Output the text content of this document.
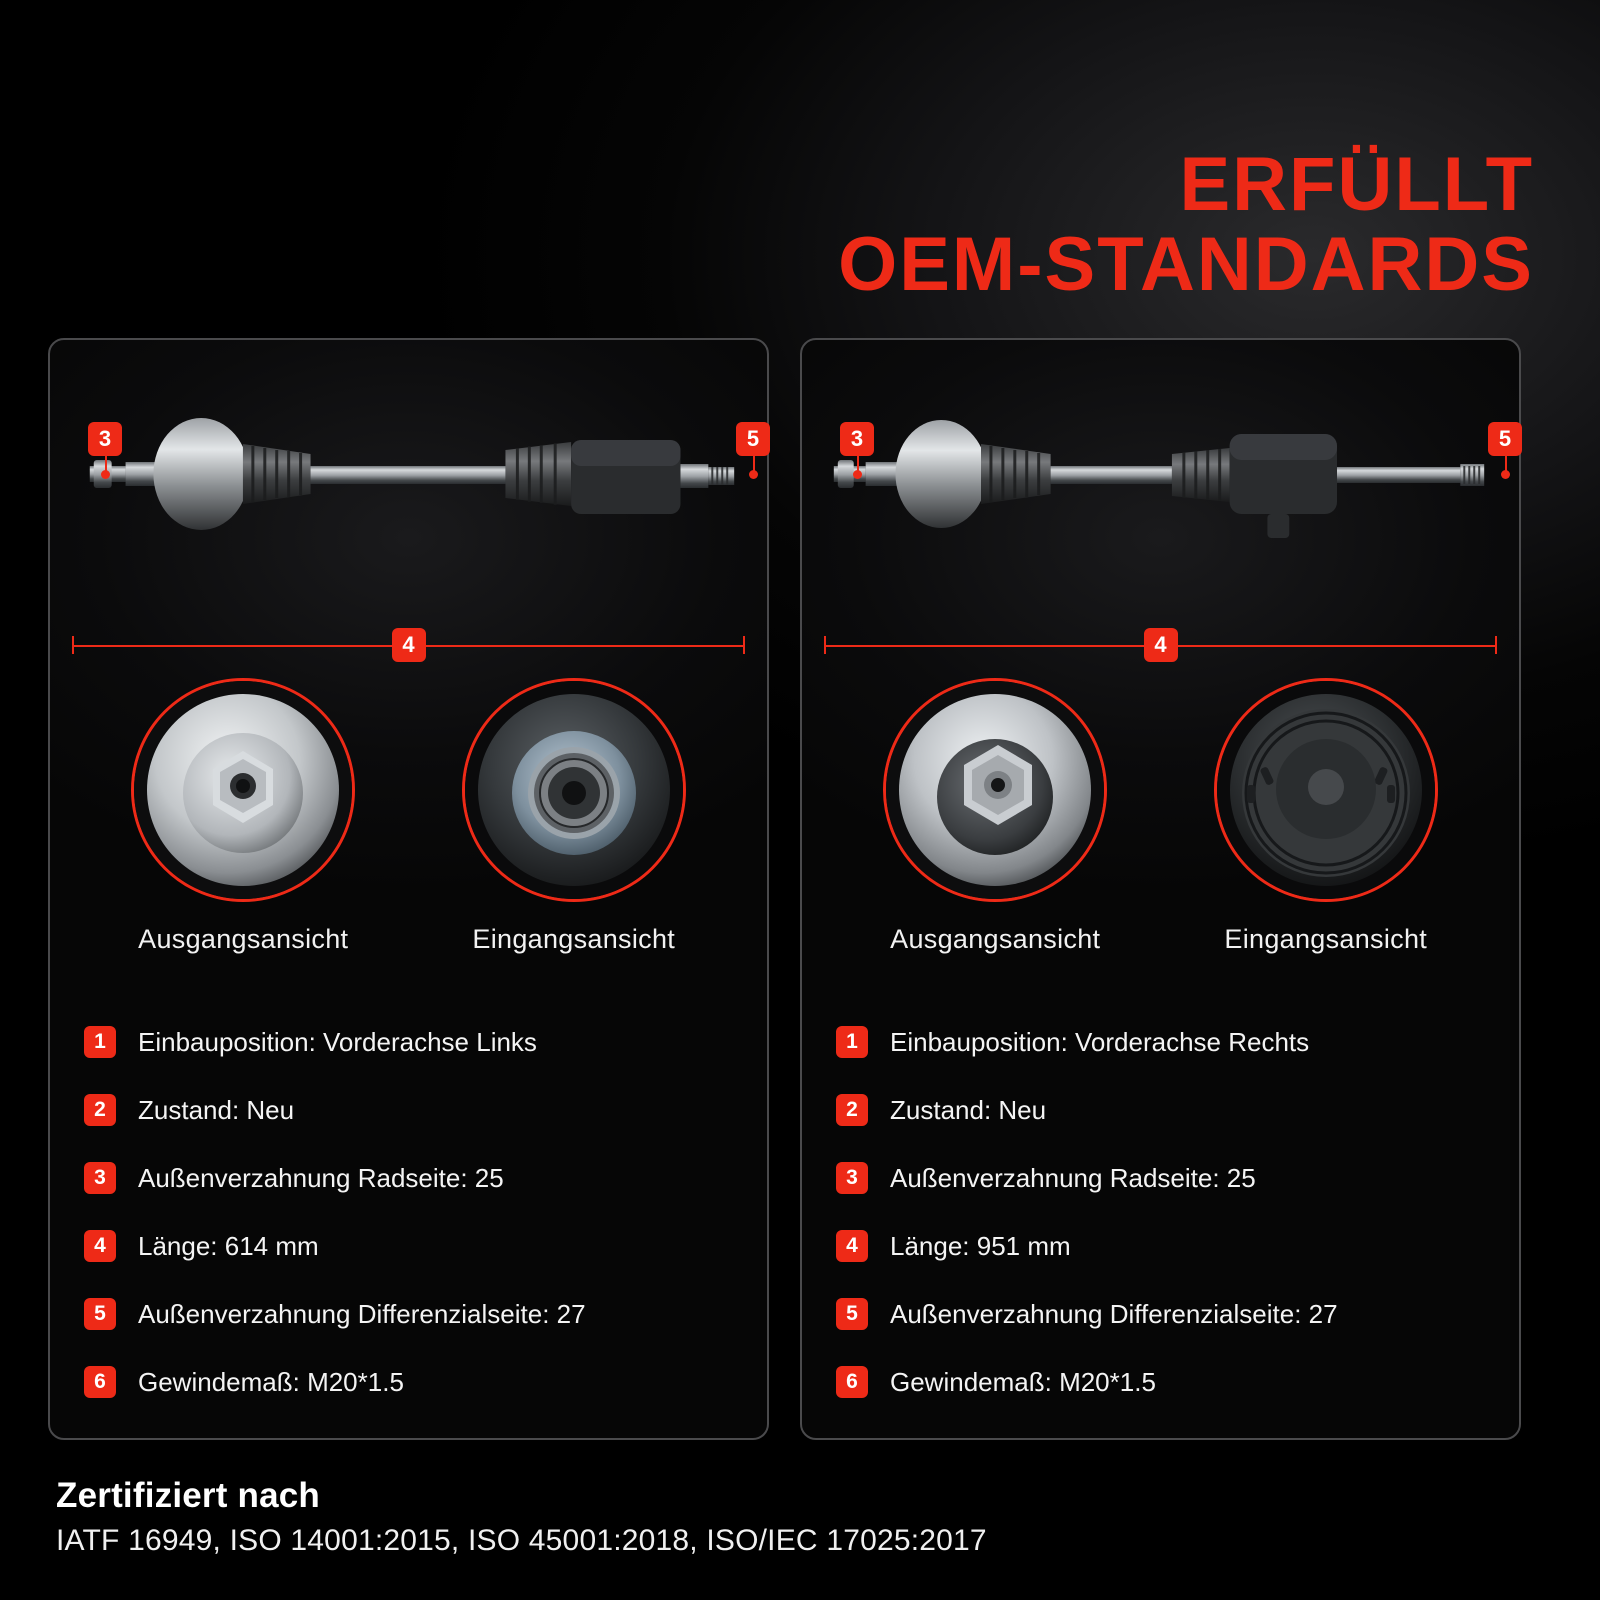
ERFÜLLT
OEM-STANDARDS
3	5
4
Ausgangsansicht	Eingangsansicht
1	Einbauposition: Vorderachse Links
2	Zustand: Neu
3	Außenverzahnung Radseite: 25
4	Länge: 614 mm
5	Außenverzahnung Differenzialseite: 27
6	Gewindemaß: M20*1.5
3	5
4
Ausgangsansicht	Eingangsansicht
1	Einbauposition: Vorderachse Rechts
2	Zustand: Neu
3	Außenverzahnung Radseite: 25
4	Länge: 951 mm
5	Außenverzahnung Differenzialseite: 27
6	Gewindemaß: M20*1.5
Zertifiziert nach
IATF 16949, ISO 14001:2015, ISO 45001:2018, ISO/IEC 17025:2017
